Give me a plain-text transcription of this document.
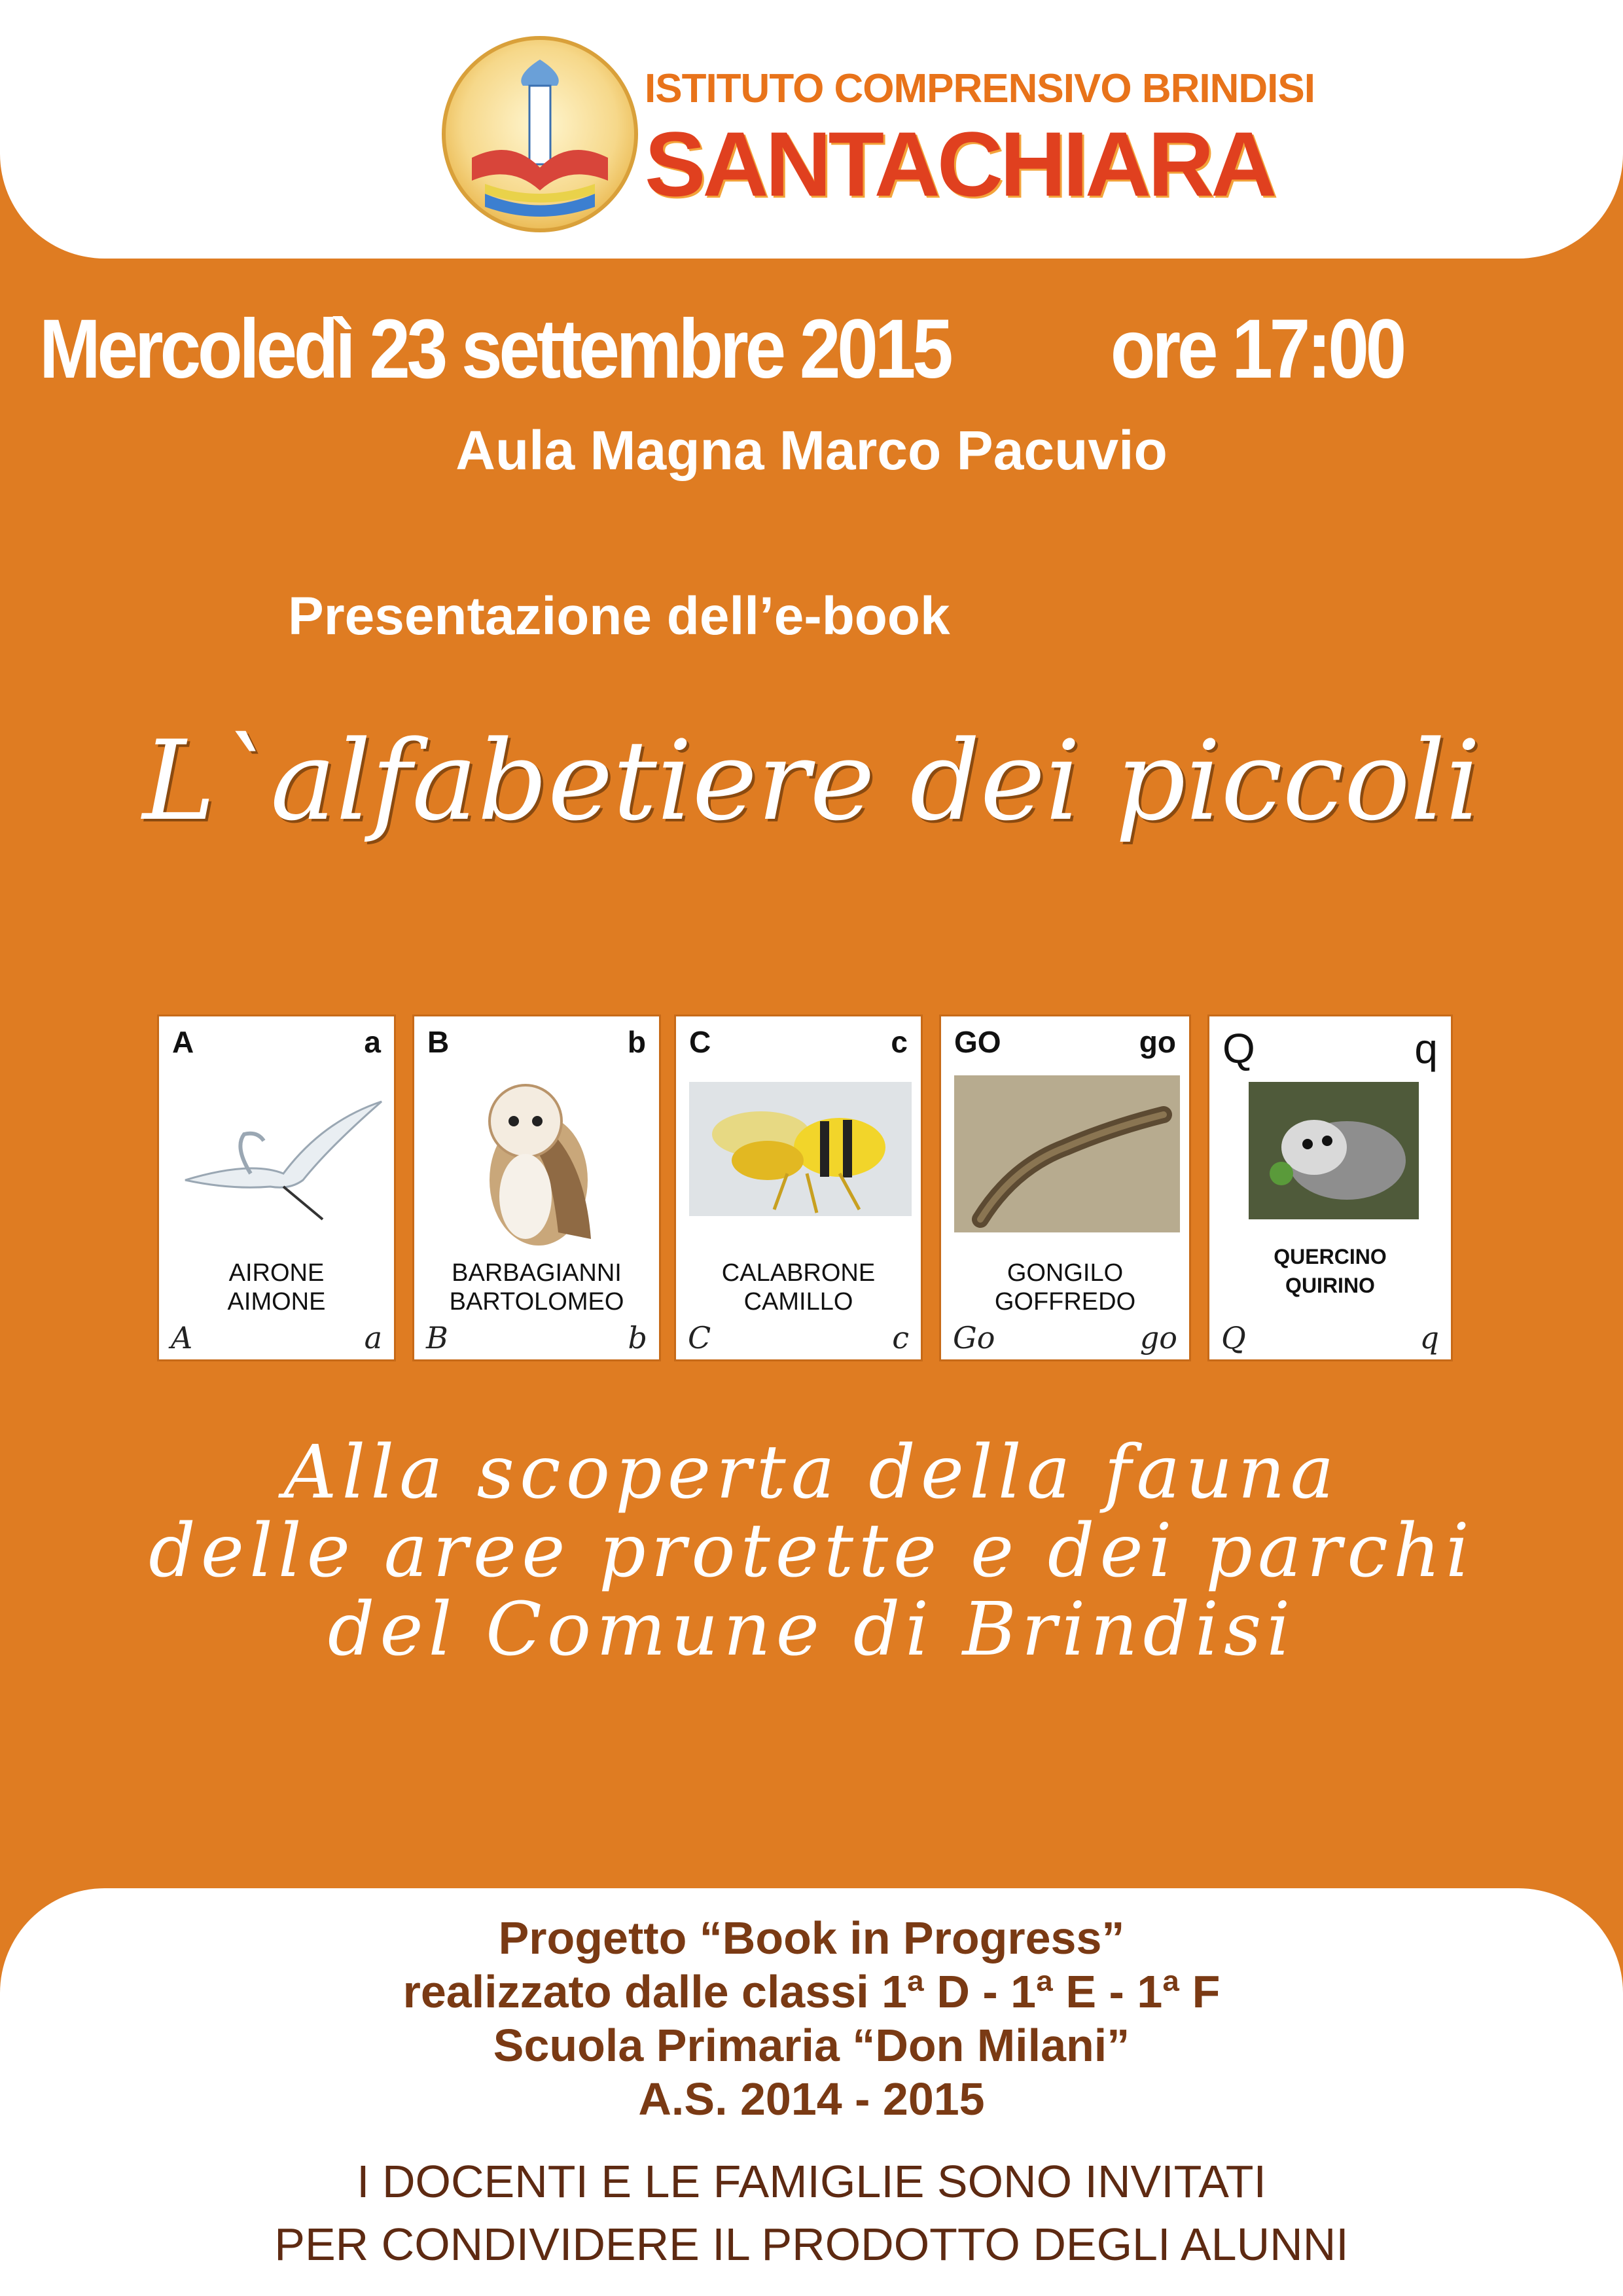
ISTITUTO COMPRENSIVO BRINDISI
SANTACHIARA
Mercoledì 23 settembre 2015 ore 17:00
Aula Magna Marco Pacuvio
Presentazione dell’e-book
L`alfabetiere dei piccoli
A	a
AIRONE
AIMONE
A	a
B	b
BARBAGIANNI
BARTOLOMEO
B	b
C	c
CALABRONE
CAMILLO
C	c
GO	go
GONGILO
GOFFREDO
Go	go
Q	q
QUERCINO
QUIRINO
Q	q
Alla scoperta della fauna
delle aree protette e dei parchi
del Comune di Brindisi
Progetto “Book in Progress”
realizzato dalle classi 1ª D - 1ª E - 1ª F
Scuola Primaria “Don Milani”
A.S. 2014 - 2015
I DOCENTI E LE FAMIGLIE SONO INVITATI
PER CONDIVIDERE IL PRODOTTO DEGLI ALUNNI
